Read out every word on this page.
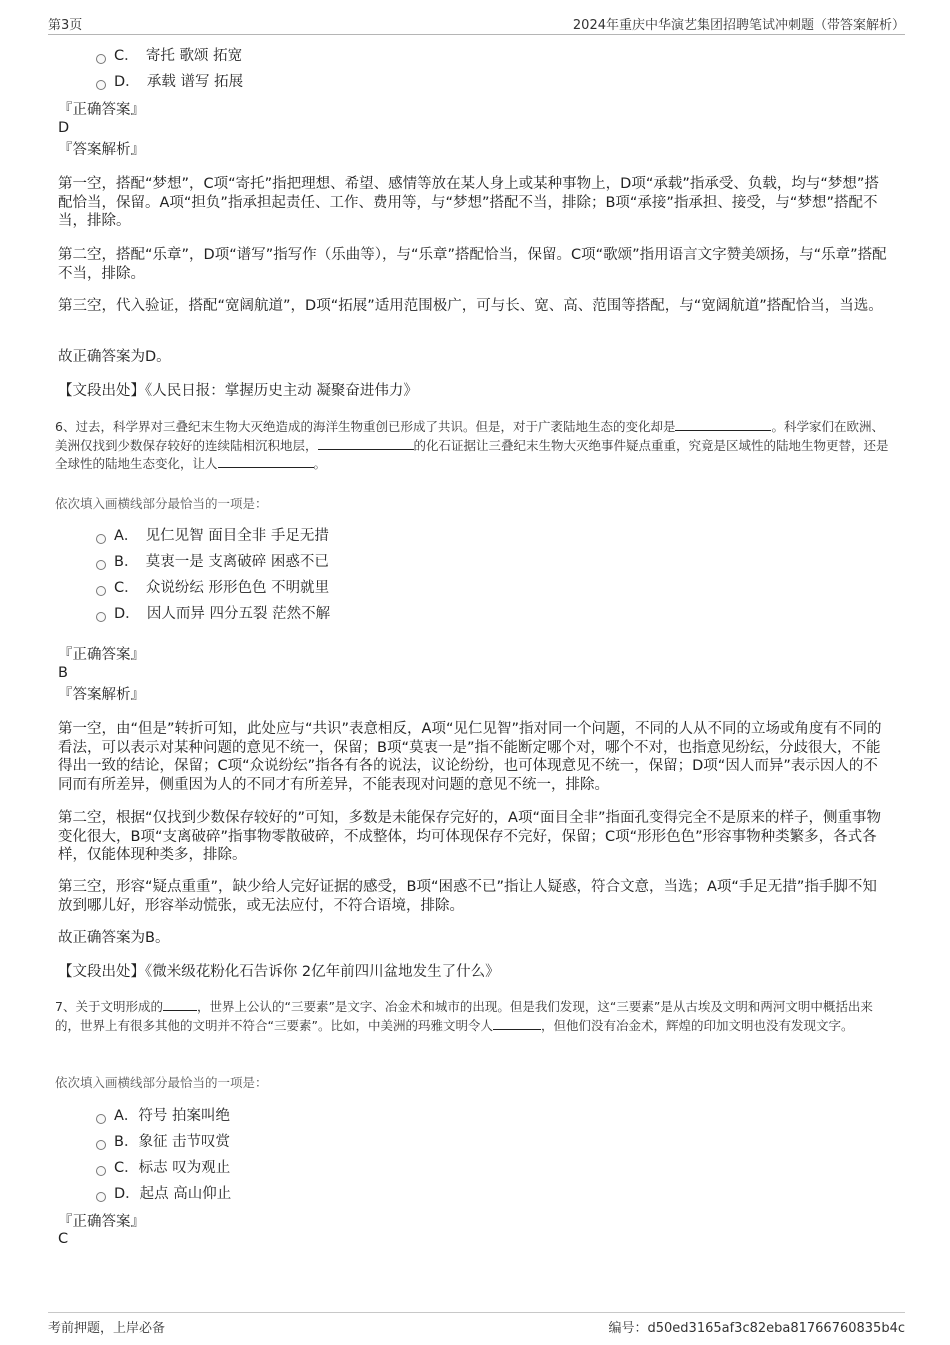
第3页	2024年重庆中华演艺集团招聘笔试冲刺题（带答案解析）
C．　寄托 歌颂 拓宽
D．　承载 谱写 拓展
『正确答案』
D
『答案解析』
第一空，搭配“梦想”，C项“寄托”指把理想、希望、感情等放在某人身上或某种事物上，D项“承载”指承受、负载，均与“梦想”搭配恰当，保留。A项“担负”指承担起责任、工作、费用等，与“梦想”搭配不当，排除；B项“承接”指承担、接受，与“梦想”搭配不当，排除。
第二空，搭配“乐章”，D项“谱写”指写作（乐曲等），与“乐章”搭配恰当，保留。C项“歌颂”指用语言文字赞美颂扬，与“乐章”搭配不当，排除。
第三空，代入验证，搭配“宽阔航道”，D项“拓展”适用范围极广，可与长、宽、高、范围等搭配，与“宽阔航道”搭配恰当，当选。
故正确答案为D。
【文段出处】《人民日报：掌握历史主动 凝聚奋进伟力》
6、过去，科学界对三叠纪末生物大灭绝造成的海洋生物重创已形成了共识。但是，对于广袤陆地生态的变化却是	。科学家们在欧洲、美洲仅找到少数保存较好的连续陆相沉积地层，	的化石证据让三叠纪末生物大灭绝事件疑点重重，究竟是区域性的陆地生物更替，还是全球性的陆地生态变化，让人	。
依次填入画横线部分最恰当的一项是：
A．　见仁见智 面目全非 手足无措
B．　莫衷一是 支离破碎 困惑不已
C．　众说纷纭 形形色色 不明就里
D．　因人而异 四分五裂 茫然不解
『正确答案』
B
『答案解析』
第一空，由“但是”转折可知，此处应与“共识”表意相反，A项“见仁见智”指对同一个问题，不同的人从不同的立场或角度有不同的看法，可以表示对某种问题的意见不统一，保留；B项“莫衷一是”指不能断定哪个对，哪个不对，也指意见纷纭，分歧很大，不能得出一致的结论，保留；C项“众说纷纭”指各有各的说法，议论纷纷，也可体现意见不统一，保留；D项“因人而异”表示因人的不同而有所差异，侧重因为人的不同才有所差异，不能表现对问题的意见不统一，排除。
第二空，根据“仅找到少数保存较好的”可知，多数是未能保存完好的，A项“面目全非”指面孔变得完全不是原来的样子，侧重事物变化很大，B项“支离破碎”指事物零散破碎，不成整体，均可体现保存不完好，保留；C项“形形色色”形容事物种类繁多，各式各样，仅能体现种类多，排除。
第三空，形容“疑点重重”，缺少给人完好证据的感受，B项“困惑不已”指让人疑惑，符合文意，当选；A项“手足无措”指手脚不知放到哪儿好，形容举动慌张，或无法应付，不符合语境，排除。
故正确答案为B。
【文段出处】《微米级花粉化石告诉你 2亿年前四川盆地发生了什么》
7、关于文明形成的	，世界上公认的“三要素”是文字、冶金术和城市的出现。但是我们发现，这“三要素”是从古埃及文明和两河文明中概括出来的，世界上有很多其他的文明并不符合“三要素”。比如，中美洲的玛雅文明令人	，但他们没有冶金术，辉煌的印加文明也没有发现文字。
依次填入画横线部分最恰当的一项是：
A．符号 拍案叫绝
B．象征 击节叹赏
C．标志 叹为观止
D．起点 高山仰止
『正确答案』
C
考前押题，上岸必备	编号：d50ed3165af3c82eba81766760835b4c
